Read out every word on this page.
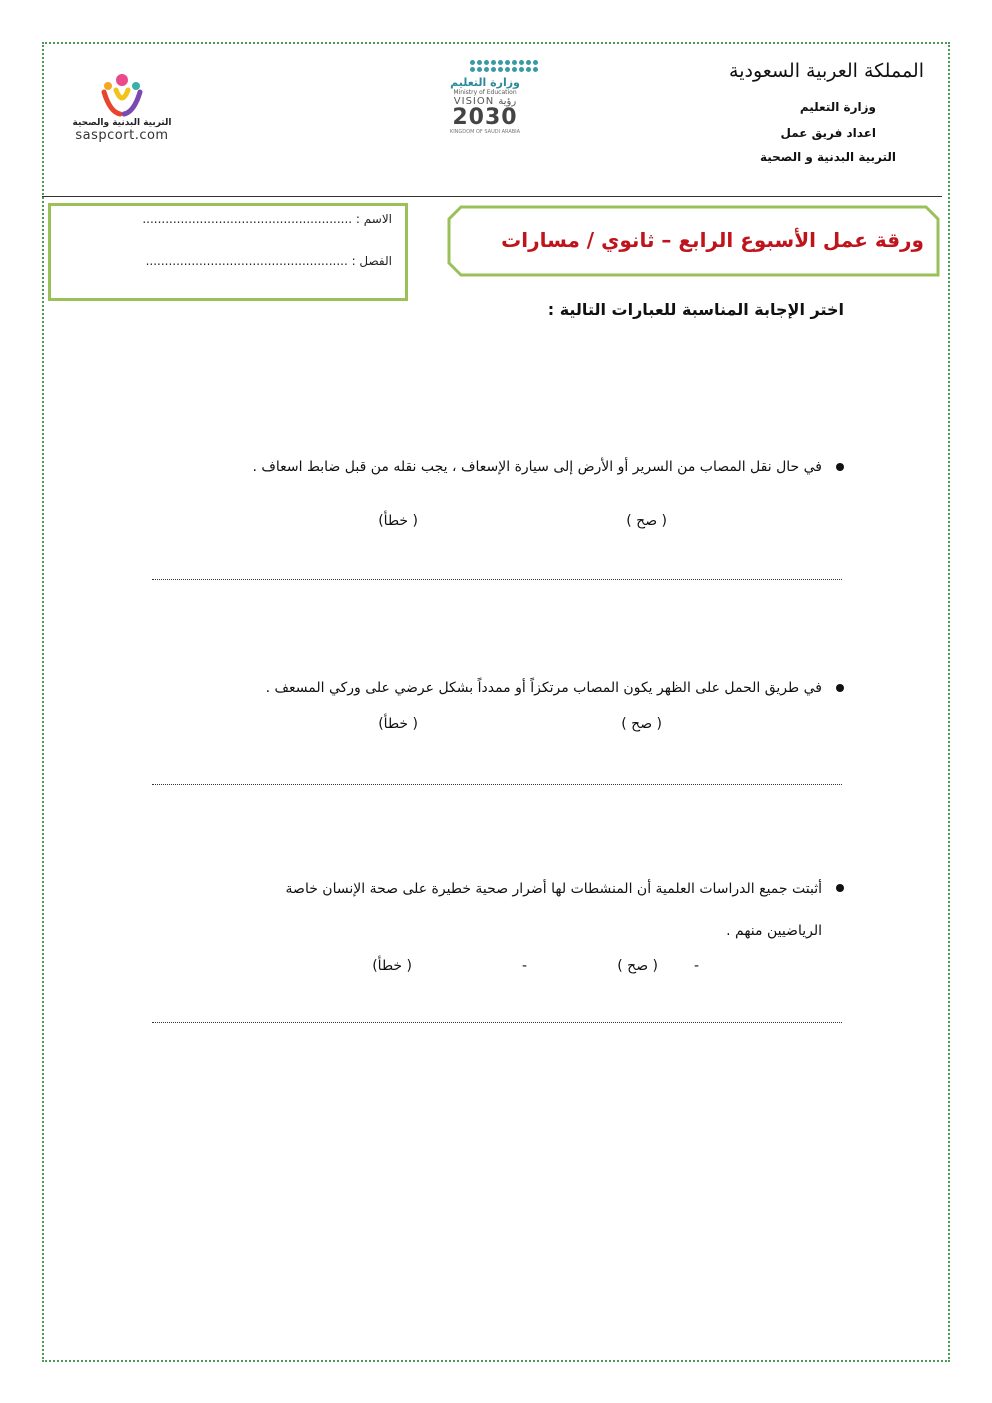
المملكة العربية السعودية
وزارة التعليم
اعداد فريق عمل
التربية البدنية و الصحية
وزارة التعليم
Ministry of Education
VISION رؤية
2030
KINGDOM OF SAUDI ARABIA
التربية البدنية والصحية
saspcort.com
ورقة عمل الأسبوع الرابع – ثانوي / مسارات
الاسم : .......................................................
الفصل : .....................................................
اختر الإجابة المناسبة للعبارات التالية :
في حال نقل المصاب من السرير أو الأرض إلى سيارة الإسعاف ، يجب نقله من قبل ضابط اسعاف .
( صح )
( خطأ)
في طريق الحمل على الظهر يكون المصاب مرتكزاً أو ممدداً بشكل عرضي على وركي المسعف .
( صح )
( خطأ)
أثبتت جميع الدراسات العلمية أن المنشطات لها أضرار صحية خطيرة على صحة الإنسان خاصة
الرياضيين منهم .
-
( صح )
-
( خطأ)
